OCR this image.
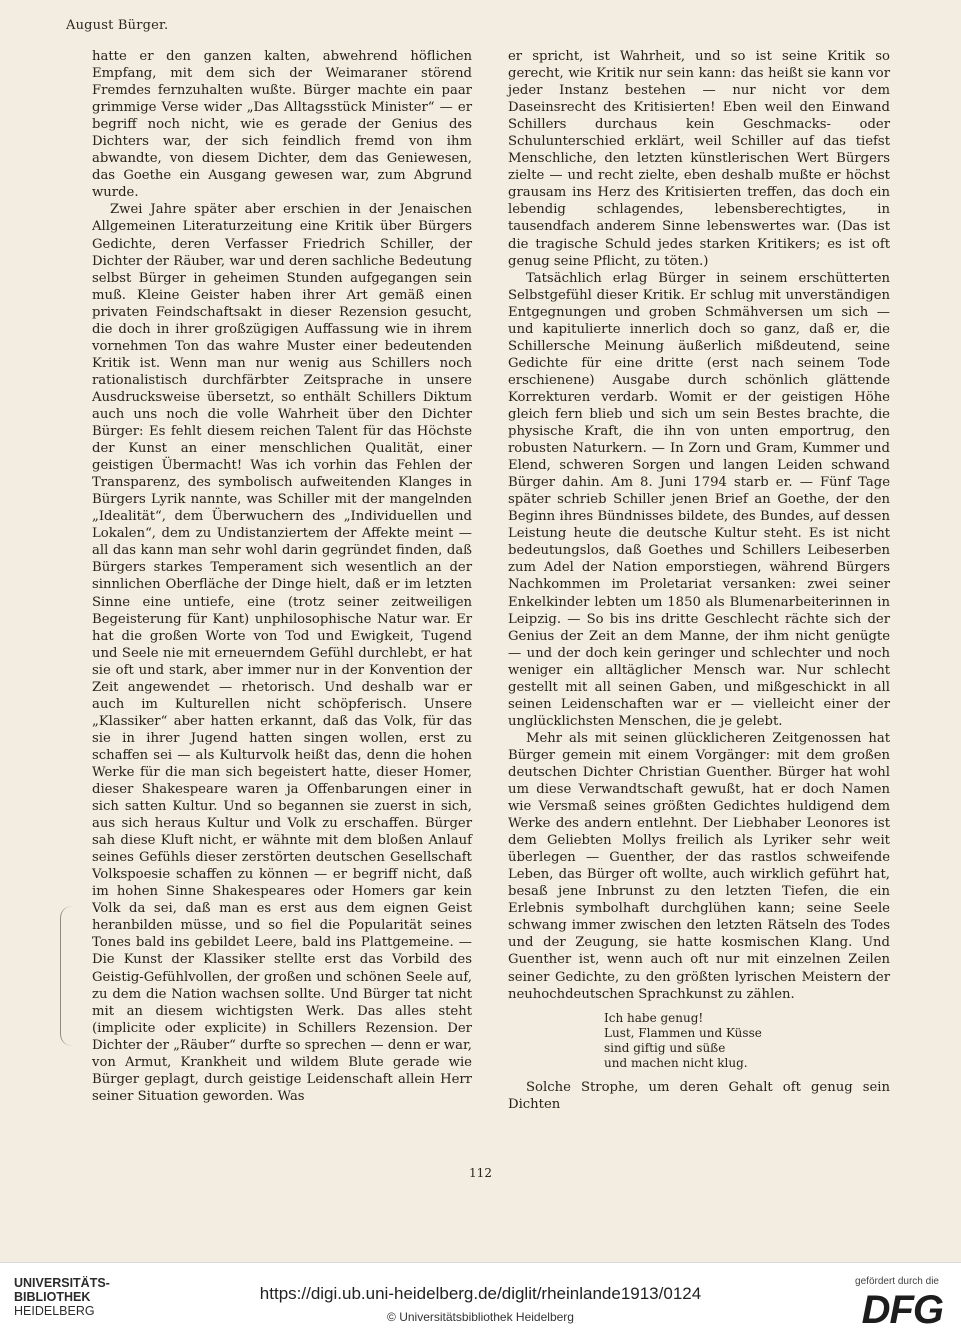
August Bürger.

hatte er den ganzen kalten, abwehrend höflichen Empfang, mit dem sich der Weimaraner störend Fremdes fernzuhalten wußte. Bürger machte ein paar grimmige Verse wider „Das Alltagsstück Minister“ — er begriff noch nicht, wie es gerade der Genius des Dichters war, der sich feindlich fremd von ihm abwandte, von diesem Dichter, dem das Geniewesen, das Goethe ein Ausgang gewesen war, zum Abgrund wurde.

Zwei Jahre später aber erschien in der Jenaischen Allgemeinen Literaturzeitung eine Kritik über Bürgers Gedichte, deren Verfasser Friedrich Schiller, der Dichter der Räuber, war und deren sachliche Bedeutung selbst Bürger in geheimen Stunden aufgegangen sein muß. Kleine Geister haben ihrer Art gemäß einen privaten Feindschaftsakt in dieser Rezension gesucht, die doch in ihrer großzügigen Auffassung wie in ihrem vornehmen Ton das wahre Muster einer bedeutenden Kritik ist. Wenn man nur wenig aus Schillers noch rationalistisch durchfärbter Zeitsprache in unsere Ausdrucksweise übersetzt, so enthält Schillers Diktum auch uns noch die volle Wahrheit über den Dichter Bürger: Es fehlt diesem reichen Talent für das Höchste der Kunst an einer menschlichen Qualität, einer geistigen Übermacht! Was ich vorhin das Fehlen der Transparenz, des symbolisch aufweitenden Klanges in Bürgers Lyrik nannte, was Schiller mit der mangelnden „Idealität“, dem Überwuchern des „Individuellen und Lokalen“, dem zu Undistanziertem der Affekte meint — all das kann man sehr wohl darin gegründet finden, daß Bürgers starkes Temperament sich wesentlich an der sinnlichen Oberfläche der Dinge hielt, daß er im letzten Sinne eine untiefe, eine (trotz seiner zeitweiligen Begeisterung für Kant) unphilosophische Natur war. Er hat die großen Worte von Tod und Ewigkeit, Tugend und Seele nie mit erneuerndem Gefühl durchlebt, er hat sie oft und stark, aber immer nur in der Konvention der Zeit angewendet — rhetorisch. Und deshalb war er auch im Kulturellen nicht schöpferisch. Unsere „Klassiker“ aber hatten erkannt, daß das Volk, für das sie in ihrer Jugend hatten singen wollen, erst zu schaffen sei — als Kulturvolk heißt das, denn die hohen Werke für die man sich begeistert hatte, dieser Homer, dieser Shakespeare waren ja Offenbarungen einer in sich satten Kultur. Und so begannen sie zuerst in sich, aus sich heraus Kultur und Volk zu erschaffen. Bürger sah diese Kluft nicht, er wähnte mit dem bloßen Anlauf seines Gefühls dieser zerstörten deutschen Gesellschaft Volkspoesie schaffen zu können — er begriff nicht, daß im hohen Sinne Shakespeares oder Homers gar kein Volk da sei, daß man es erst aus dem eignen Geist heranbilden müsse, und so fiel die Popularität seines Tones bald ins gebildet Leere, bald ins Plattgemeine. — Die Kunst der Klassiker stellte erst das Vorbild des Geistig-Gefühlvollen, der großen und schönen Seele auf, zu dem die Nation wachsen sollte. Und Bürger tat nicht mit an diesem wichtigsten Werk. Das alles steht (implicite oder explicite) in Schillers Rezension. Der Dichter der „Räuber“ durfte so sprechen — denn er war, von Armut, Krankheit und wildem Blute gerade wie Bürger geplagt, durch geistige Leidenschaft allein Herr seiner Situation geworden. Was

er spricht, ist Wahrheit, und so ist seine Kritik so gerecht, wie Kritik nur sein kann: das heißt sie kann vor jeder Instanz bestehen — nur nicht vor dem Daseinsrecht des Kritisierten! Eben weil den Einwand Schillers durchaus kein Geschmacks- oder Schulunterschied erklärt, weil Schiller auf das tiefst Menschliche, den letzten künstlerischen Wert Bürgers zielte — und recht zielte, eben deshalb mußte er höchst grausam ins Herz des Kritisierten treffen, das doch ein lebendig schlagendes, lebensberechtigtes, in tausendfach anderem Sinne lebenswertes war. (Das ist die tragische Schuld jedes starken Kritikers; es ist oft genug seine Pflicht, zu töten.)

Tatsächlich erlag Bürger in seinem erschütterten Selbstgefühl dieser Kritik. Er schlug mit unverständigen Entgegnungen und groben Schmähversen um sich — und kapitulierte innerlich doch so ganz, daß er, die Schillersche Meinung äußerlich mißdeutend, seine Gedichte für eine dritte (erst nach seinem Tode erschienene) Ausgabe durch schönlich glättende Korrekturen verdarb. Womit er der geistigen Höhe gleich fern blieb und sich um sein Bestes brachte, die physische Kraft, die ihn von unten emportrug, den robusten Naturkern. — In Zorn und Gram, Kummer und Elend, schweren Sorgen und langen Leiden schwand Bürger dahin. Am 8. Juni 1794 starb er. — Fünf Tage später schrieb Schiller jenen Brief an Goethe, der den Beginn ihres Bündnisses bildete, des Bundes, auf dessen Leistung heute die deutsche Kultur steht. Es ist nicht bedeutungslos, daß Goethes und Schillers Leibeserben zum Adel der Nation emporstiegen, während Bürgers Nachkommen im Proletariat versanken: zwei seiner Enkelkinder lebten um 1850 als Blumenarbeiterinnen in Leipzig. — So bis ins dritte Geschlecht rächte sich der Genius der Zeit an dem Manne, der ihm nicht genügte — und der doch kein geringer und schlechter und noch weniger ein alltäglicher Mensch war. Nur schlecht gestellt mit all seinen Gaben, und mißgeschickt in all seinen Leidenschaften war er — vielleicht einer der unglücklichsten Menschen, die je gelebt.

Mehr als mit seinen glücklicheren Zeitgenossen hat Bürger gemein mit einem Vorgänger: mit dem großen deutschen Dichter Christian Guenther. Bürger hat wohl um diese Verwandtschaft gewußt, hat er doch Namen wie Versmaß seines größten Gedichtes huldigend dem Werke des andern entlehnt. Der Liebhaber Leonores ist dem Geliebten Mollys freilich als Lyriker sehr weit überlegen — Guenther, der das rastlos schweifende Leben, das Bürger oft wollte, auch wirklich geführt hat, besaß jene Inbrunst zu den letzten Tiefen, die ein Erlebnis symbolhaft durchglühen kann; seine Seele schwang immer zwischen den letzten Rätseln des Todes und der Zeugung, sie hatte kosmischen Klang. Und Guenther ist, wenn auch oft nur mit einzelnen Zeilen seiner Gedichte, zu den größten lyrischen Meistern der neuhochdeutschen Sprachkunst zu zählen.

Ich habe genug!
Lust, Flammen und Küsse
sind giftig und süße
und machen nicht klug.

Solche Strophe, um deren Gehalt oft genug sein Dichten

112
UNIVERSITÄTS-
BIBLIOTHEK
HEIDELBERG
https://digi.ub.uni-heidelberg.de/diglit/rheinlande1913/0124
© Universitätsbibliothek Heidelberg
gefördert durch die
DFG
